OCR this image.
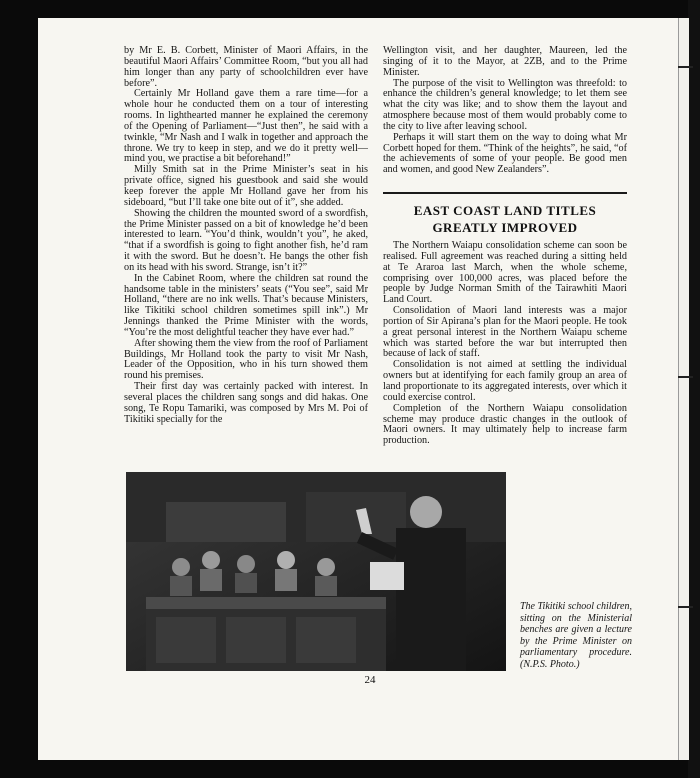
by Mr E. B. Corbett, Minister of Maori Affairs, in the beautiful Maori Affairs’ Committee Room, “but you all had him longer than any party of schoolchildren ever have before”.

Certainly Mr Holland gave them a rare time—for a whole hour he conducted them on a tour of interesting rooms. In lighthearted manner he explained the ceremony of the Opening of Parliament—“Just then”, he said with a twinkle, “Mr Nash and I walk in together and approach the throne. We try to keep in step, and we do it pretty well—mind you, we practise a bit beforehand!”

Milly Smith sat in the Prime Minister’s seat in his private office, signed his guestbook and said she would keep forever the apple Mr Holland gave her from his sideboard, “but I’ll take one bite out of it”, she added.

Showing the children the mounted sword of a swordfish, the Prime Minister passed on a bit of knowledge he’d been interested to learn. “You’d think, wouldn’t you”, he aked, “that if a swordfish is going to fight another fish, he’d ram it with the sword. But he doesn’t. He bangs the other fish on its head with his sword. Strange, isn’t it?”

In the Cabinet Room, where the children sat round the handsome table in the ministers’ seats (“You see”, said Mr Holland, “there are no ink wells. That’s because Ministers, like Tikitiki school children sometimes spill ink”.) Mr Jennings thanked the Prime Minister with the words, “You’re the most delightful teacher they have ever had.”

After showing them the view from the roof of Parliament Buildings, Mr Holland took the party to visit Mr Nash, Leader of the Opposition, who in his turn showed them round his premises.

Their first day was certainly packed with interest. In several places the children sang songs and did hakas. One song, Te Ropu Tamariki, was composed by Mrs M. Poi of Tikitiki specially for the

Wellington visit, and her daughter, Maureen, led the singing of it to the Mayor, at 2ZB, and to the Prime Minister.

The purpose of the visit to Wellington was threefold: to enhance the children’s general knowledge; to let them see what the city was like; and to show them the layout and atmosphere because most of them would probably come to the city to live after leaving school.

Perhaps it will start them on the way to doing what Mr Corbett hoped for them. “Think of the heights”, he said, “of the achievements of some of your people. Be good men and women, and good New Zealanders”.

EAST COAST LAND TITLES
GREATLY IMPROVED

The Northern Waiapu consolidation scheme can soon be realised. Full agreement was reached during a sitting held at Te Araroa last March, when the whole scheme, comprising over 100,000 acres, was placed before the people by Judge Norman Smith of the Tairawhiti Maori Land Court.

Consolidation of Maori land interests was a major portion of Sir Apirana’s plan for the Maori people. He took a great personal interest in the Northern Waiapu scheme which was started before the war but interrupted then because of lack of staff.

Consolidation is not aimed at settling the individual owners but at identifying for each family group an area of land proportionate to its aggregated interests, over which it could exercise control.

Completion of the Northern Waiapu consolidation scheme may produce drastic changes in the outlook of Maori owners. It may ultimately help to increase farm production.

The Tikitiki school children, sitting on the Ministerial benches are given a lecture by the Prime Minister on parliamentary procedure. (N.P.S. Photo.)
24
